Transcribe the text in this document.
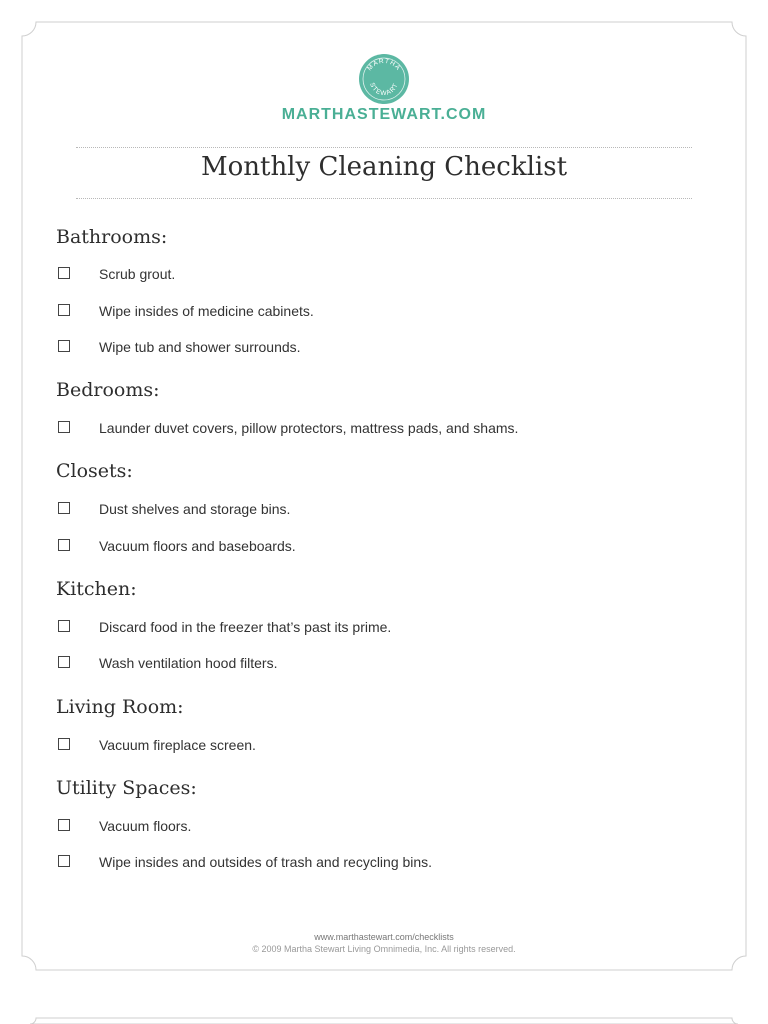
MARTHA
STEWART
MARTHASTEWART.COM
Monthly Cleaning Checklist
Bathrooms:
Scrub grout.
Wipe insides of medicine cabinets.
Wipe tub and shower surrounds.
Bedrooms:
Launder duvet covers, pillow protectors, mattress pads, and shams.
Closets:
Dust shelves and storage bins.
Vacuum floors and baseboards.
Kitchen:
Discard food in the freezer that’s past its prime.
Wash ventilation hood filters.
Living Room:
Vacuum fireplace screen.
Utility Spaces:
Vacuum floors.
Wipe insides and outsides of trash and recycling bins.
www.marthastewart.com/checklists
© 2009 Martha Stewart Living Omnimedia, Inc. All rights reserved.
